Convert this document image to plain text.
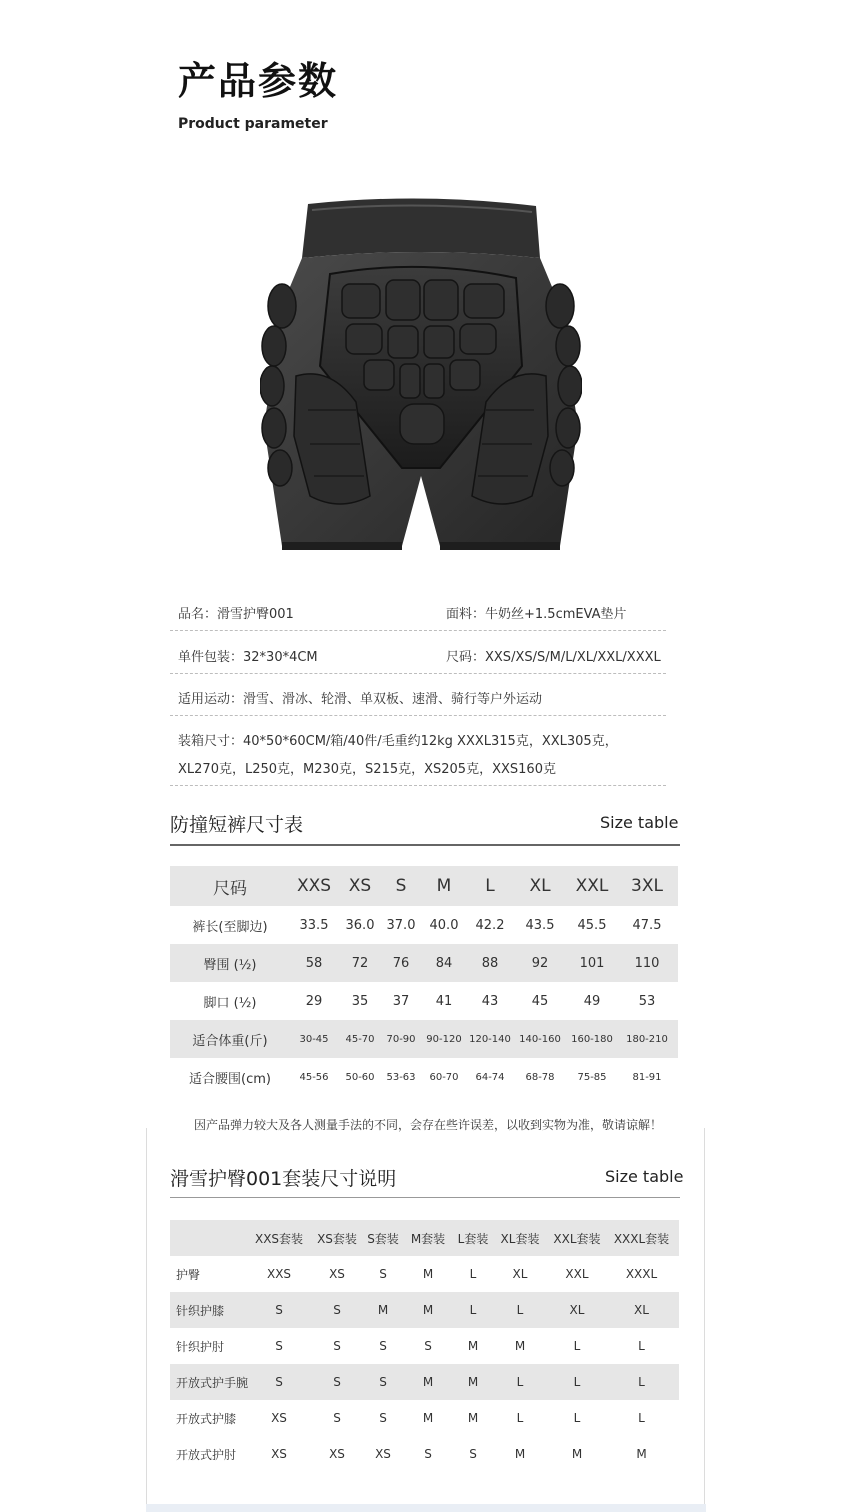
产品参数
Product parameter
品名：滑雪护臀001	面料：牛奶丝+1.5cmEVA垫片
单件包装：32*30*4CM	尺码：XXS/XS/S/M/L/XL/XXL/XXXL
适用运动：滑雪、滑冰、轮滑、单双板、速滑、骑行等户外运动
装箱尺寸：40*50*60CM/箱/40件/毛重约12kg XXXL315克，XXL305克，
XL270克，L250克，M230克，S215克，XS205克，XXS160克
防撞短裤尺寸表	Size table
尺码	XXS	XS	S	M	L	XL	XXL	3XL
裤长(至脚边)	33.5	36.0	37.0	40.0	42.2	43.5	45.5	47.5
臀围 (½)	58	72	76	84	88	92	101	110
脚口 (½)	29	35	37	41	43	45	49	53
适合体重(斤)	30-45	45-70	70-90	90-120	120-140	140-160	160-180	180-210
适合腰围(cm)	45-56	50-60	53-63	60-70	64-74	68-78	75-85	81-91
因产品弹力较大及各人测量手法的不同，会存在些许误差，以收到实物为准，敬请谅解！
滑雪护臀001套装尺寸说明	Size table
	XXS套装	XS套装	S套装	M套装	L套装	XL套装	XXL套装	XXXL套装
护臀	XXS	XS	S	M	L	XL	XXL	XXXL
针织护膝	S	S	M	M	L	L	XL	XL
针织护肘	S	S	S	S	M	M	L	L
开放式护手腕	S	S	S	M	M	L	L	L
开放式护膝	XS	S	S	M	M	L	L	L
开放式护肘	XS	XS	XS	S	S	M	M	M
